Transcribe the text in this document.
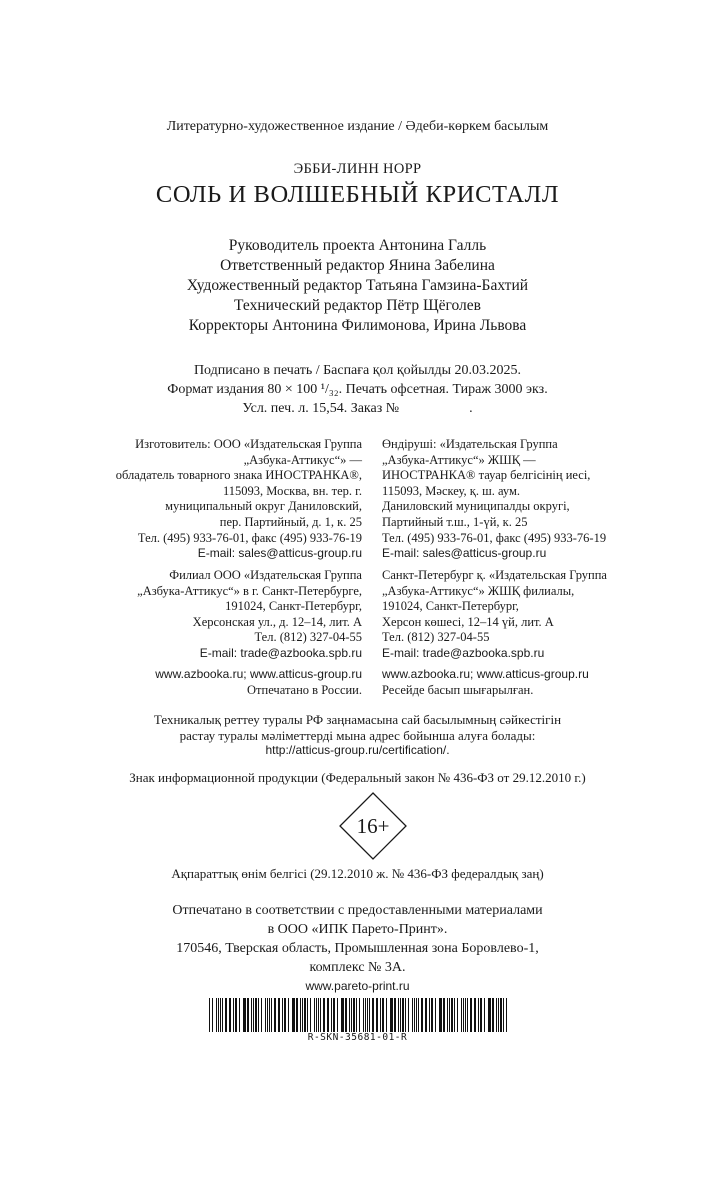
Литературно-художественное издание / Әдеби-көркем басылым
ЭББИ-ЛИНН НОРР
СОЛЬ И ВОЛШЕБНЫЙ КРИСТАЛЛ
Руководитель проекта Антонина Галль
Ответственный редактор Янина Забелина
Художественный редактор Татьяна Гамзина-Бахтий
Технический редактор Пётр Щёголев
Корректоры Антонина Филимонова, Ирина Львова
Подписано в печать / Баспаға қол қойылды 20.03.2025.
Формат издания 80 × 100 ¹/₃₂. Печать офсетная. Тираж 3000 экз.
Усл. печ. л. 15,54. Заказ №	.
Изготовитель: ООО «Издательская Группа
„Азбука-Аттикус“» —
обладатель товарного знака ИНОСТРАНКА®,
115093, Москва, вн. тер. г.
муниципальный округ Даниловский,
пер. Партийный, д. 1, к. 25
Тел. (495) 933-76-01, факс (495) 933-76-19
E-mail: sales@atticus-group.ru
Өндіруші: «Издательская Группа
„Азбука-Аттикус“» ЖШҚ —
ИНОСТРАНКА® тауар белгісінің иесі,
115093, Мәскеу, қ. ш. аум.
Даниловский муниципалды округі,
Партийный т.ш., 1-үй, к. 25
Тел. (495) 933-76-01, факс (495) 933-76-19
E-mail: sales@atticus-group.ru
Филиал ООО «Издательская Группа
„Азбука-Аттикус“» в г. Санкт-Петербурге,
191024, Санкт-Петербург,
Херсонская ул., д. 12–14, лит. А
Тел. (812) 327-04-55
E-mail: trade@azbooka.spb.ru
Санкт-Петербург қ. «Издательская Группа
„Азбука-Аттикус“» ЖШҚ филиалы,
191024, Санкт-Петербург,
Херсон көшесі, 12–14 үй, лит. А
Тел. (812) 327-04-55
E-mail: trade@azbooka.spb.ru
www.azbooka.ru; www.atticus-group.ru
Отпечатано в России.
www.azbooka.ru; www.atticus-group.ru
Ресейде басып шығарылған.
Техникалық реттеу туралы РФ заңнамасына сай басылымның сәйкестігін
растау туралы мәліметтерді мына адрес бойынша алуға болады:
http://atticus-group.ru/certification/.
Знак информационной продукции (Федеральный закон № 436-ФЗ от 29.12.2010 г.)
16+
Ақпараттық өнім белгісі (29.12.2010 ж. № 436-ФЗ федералдық заң)
Отпечатано в соответствии с предоставленными материалами
в ООО «ИПК Парето-Принт».
170546, Тверская область, Промышленная зона Боровлево-1,
комплекс № 3А.
www.pareto-print.ru
R-SKN-35681-01-R
